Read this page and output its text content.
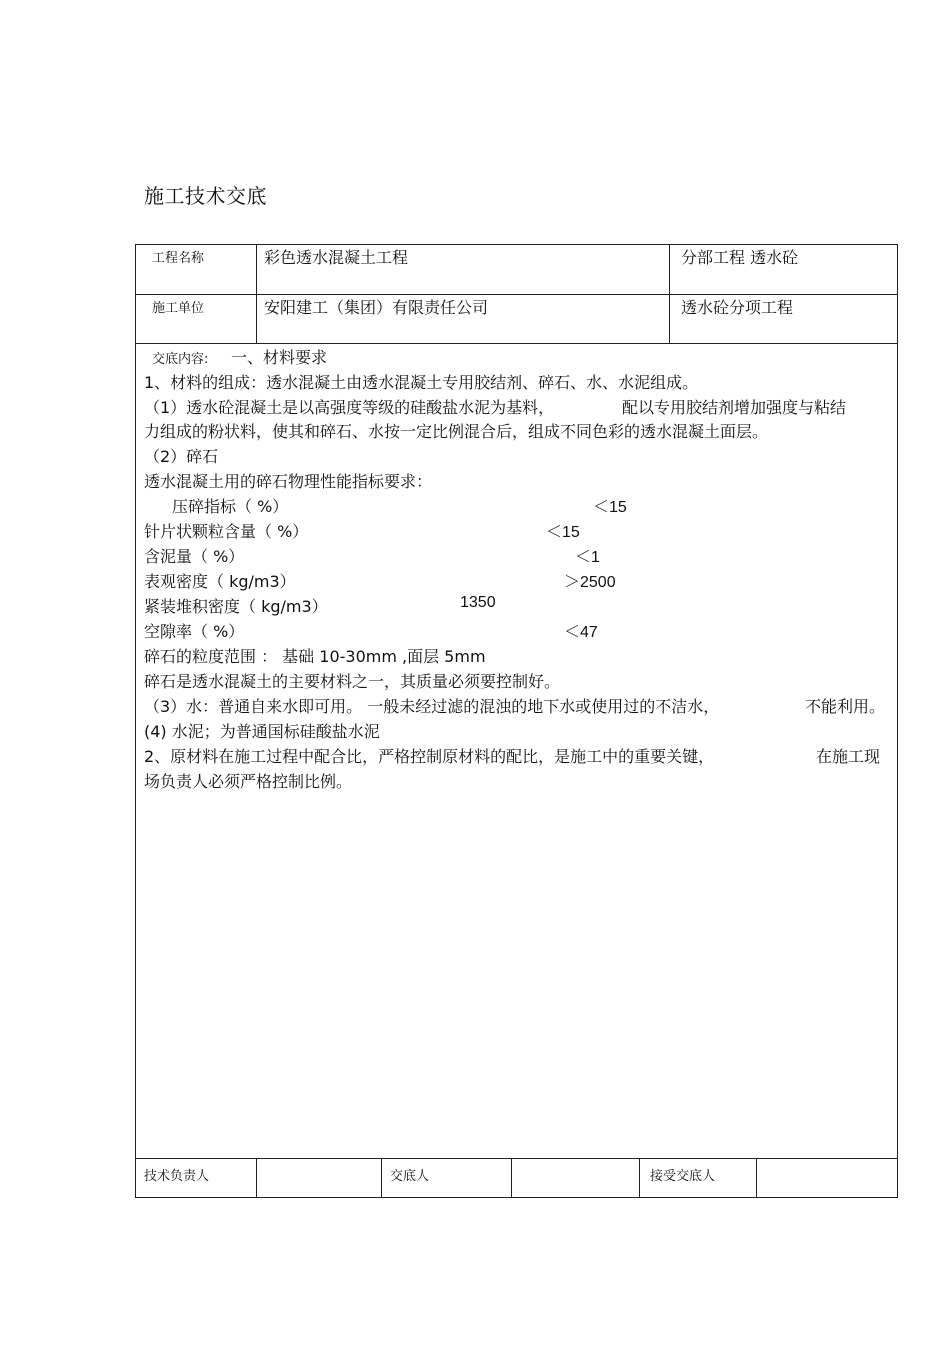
施工技术交底
工程名称	彩色透水混凝土工程	分部工程 透水砼
施工单位	安阳建工（集团）有限责任公司	透水砼分项工程
交底内容: 一、材料要求
1、材料的组成：透水混凝土由透水混凝土专用胶结剂、碎石、水、水泥组成。
（1）透水砼混凝土是以高强度等级的硅酸盐水泥为基料，	配以专用胶结剂增加强度与粘结
力组成的粉状料，使其和碎石、水按一定比例混合后，组成不同色彩的透水混凝土面层。
（2）碎石
透水混凝土用的碎石物理性能指标要求：
压碎指标（ %）	＜15
针片状颗粒含量（ %）	＜15
含泥量（ %）	＜1
表观密度（ kg/m3）	＞2500
紧装堆积密度（ kg/m3）	1350
空隙率（ %）	＜47
碎石的粒度范围 ： 基础 10-30mm ,面层 5mm
碎石是透水混凝土的主要材料之一，其质量必须要控制好。
（3）水：普通自来水即可用。 一般未经过滤的混浊的地下水或使用过的不洁水，	不能利用。
(4) 水泥；为普通国标硅酸盐水泥
2、原材料在施工过程中配合比，严格控制原材料的配比，是施工中的重要关键，	在施工现
场负责人必须严格控制比例。
技术负责人	交底人	接受交底人
